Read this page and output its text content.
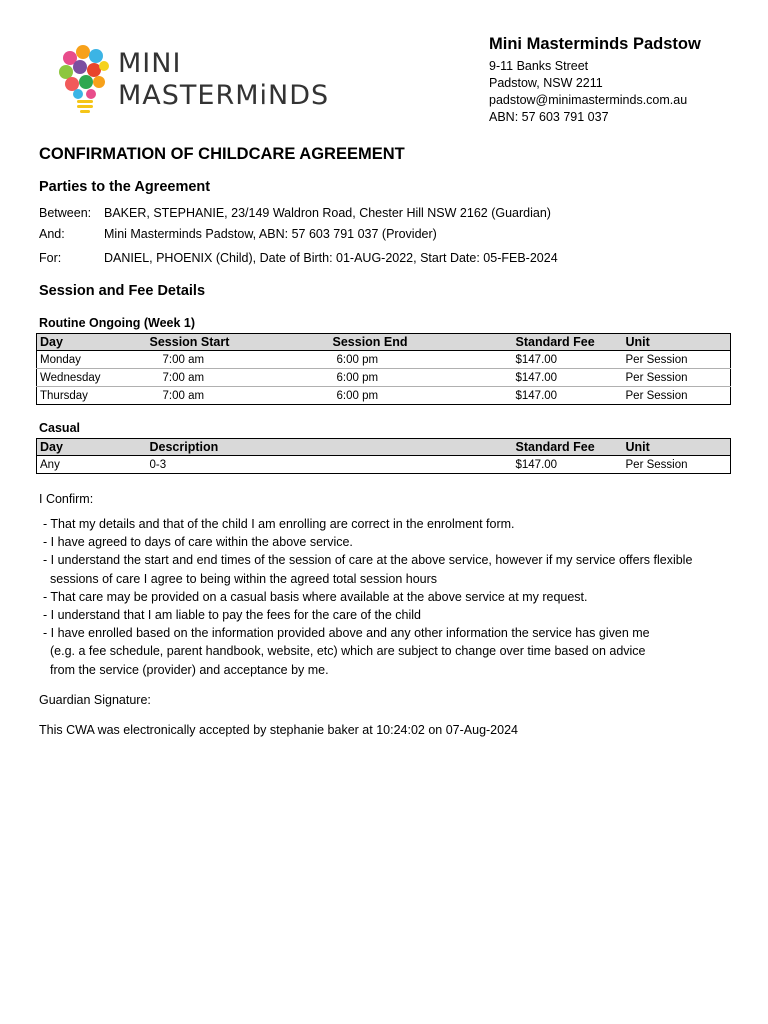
MINI
MASTERMiNDS
Mini Masterminds Padstow
9-11 Banks Street
Padstow, NSW 2211
padstow@minimasterminds.com.au
ABN: 57 603 791 037
CONFIRMATION OF CHILDCARE AGREEMENT
Parties to the Agreement
Between:	BAKER, STEPHANIE, 23/149 Waldron Road, Chester Hill NSW 2162 (Guardian)
And:	Mini Masterminds Padstow, ABN: 57 603 791 037 (Provider)
For:	DANIEL, PHOENIX (Child), Date of Birth: 01-AUG-2022, Start Date: 05-FEB-2024
Session and Fee Details
Routine Ongoing (Week 1)
Day	Session Start	Session End	Standard Fee	Unit
Monday	7:00 am	6:00 pm	$147.00	Per Session
Wednesday	7:00 am	6:00 pm	$147.00	Per Session
Thursday	7:00 am	6:00 pm	$147.00	Per Session
Casual
Day	Description		Standard Fee	Unit
Any	0-3		$147.00	Per Session
I Confirm:
- That my details and that of the child I am enrolling are correct in the enrolment form.
- I have agreed to days of care within the above service.
- I understand the start and end times of the session of care at the above service, however if my service offers flexible
sessions of care I agree to being within the agreed total session hours
- That care may be provided on a casual basis where available at the above service at my request.
- I understand that I am liable to pay the fees for the care of the child
- I have enrolled based on the information provided above and any other information the service has given me
(e.g. a fee schedule, parent handbook, website, etc) which are subject to change over time based on advice
from the service (provider) and acceptance by me.
Guardian Signature:
This CWA was electronically accepted by stephanie baker at 10:24:02 on 07-Aug-2024
